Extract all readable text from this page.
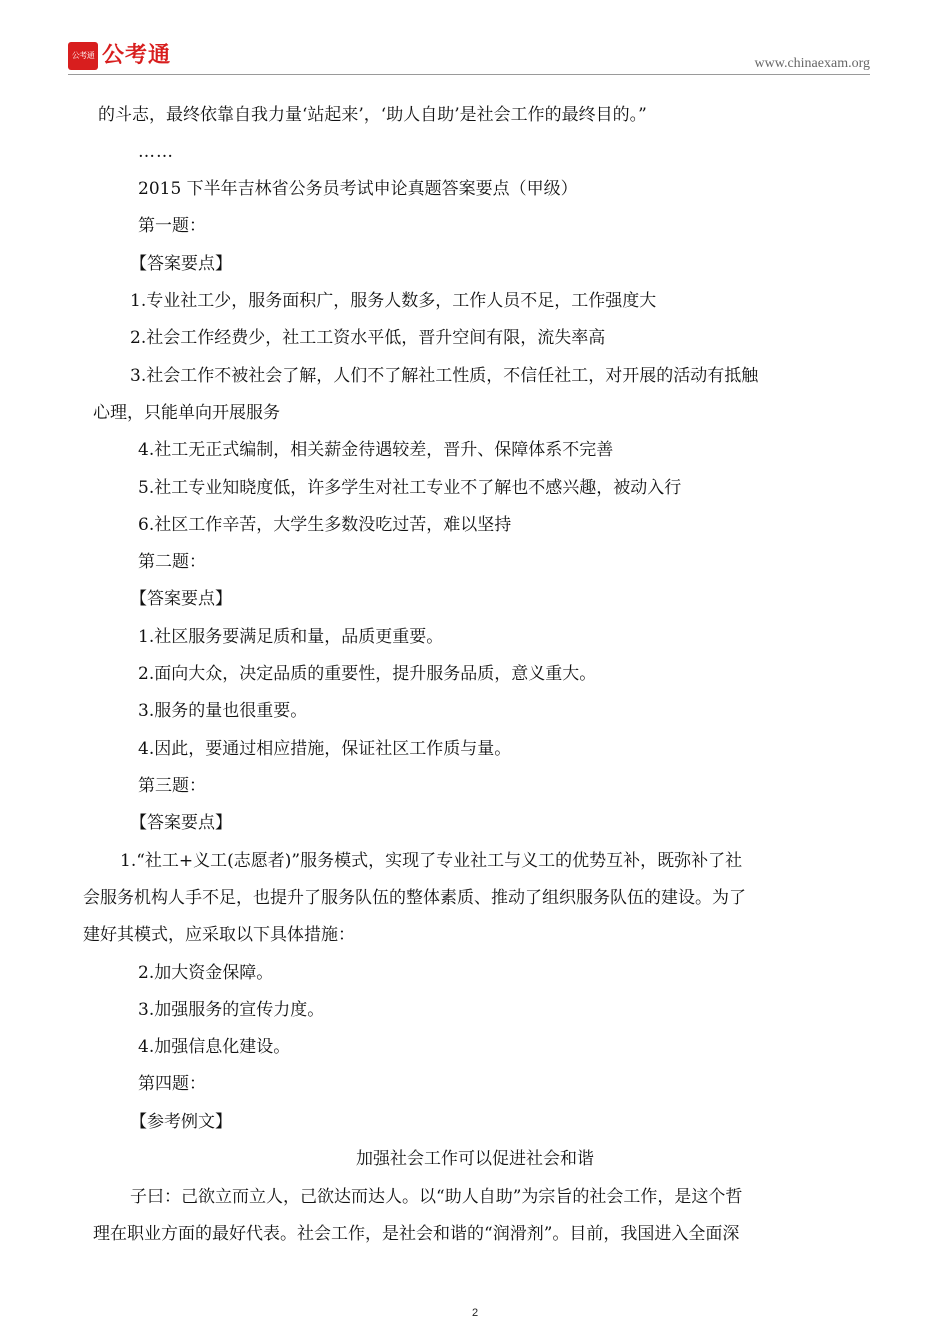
公考通 公考通	www.chinaexam.org
的斗志，最终依靠自我力量‘站起来’，‘助人自助’是社会工作的最终目的。”
……
2015 下半年吉林省公务员考试申论真题答案要点（甲级）
第一题：
【答案要点】
1.专业社工少，服务面积广，服务人数多，工作人员不足，工作强度大
2.社会工作经费少，社工工资水平低，晋升空间有限，流失率高
3.社会工作不被社会了解，人们不了解社工性质，不信任社工，对开展的活动有抵触
心理，只能单向开展服务
4.社工无正式编制，相关薪金待遇较差，晋升、保障体系不完善
5.社工专业知晓度低，许多学生对社工专业不了解也不感兴趣，被动入行
6.社区工作辛苦，大学生多数没吃过苦，难以坚持
第二题：
【答案要点】
1.社区服务要满足质和量，品质更重要。
2.面向大众，决定品质的重要性，提升服务品质，意义重大。
3.服务的量也很重要。
4.因此，要通过相应措施，保证社区工作质与量。
第三题：
【答案要点】
1.“社工+义工(志愿者)”服务模式，实现了专业社工与义工的优势互补，既弥补了社
会服务机构人手不足，也提升了服务队伍的整体素质、推动了组织服务队伍的建设。为了
建好其模式，应采取以下具体措施：
2.加大资金保障。
3.加强服务的宣传力度。
4.加强信息化建设。
第四题：
【参考例文】
加强社会工作可以促进社会和谐
子曰：己欲立而立人，己欲达而达人。以“助人自助”为宗旨的社会工作，是这个哲
理在职业方面的最好代表。社会工作，是社会和谐的“润滑剂”。目前，我国进入全面深
2
